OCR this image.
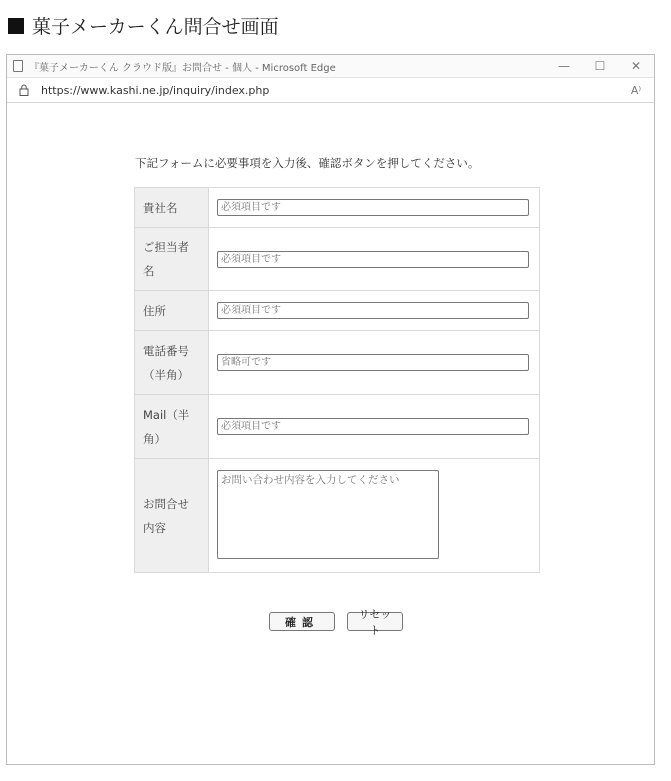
菓子メーカーくん問合せ画面
『菓子メーカーくん クラウド版』お問合せ - 個人 - Microsoft Edge	—	☐	✕
https://www.kashi.ne.jp/inquiry/index.php	A⁾
下記フォームに必要事項を入力後、確認ボタンを押してください。
貴社名	必須項目です
ご担当者名	必須項目です
住所	必須項目です
電話番号（半角）	省略可です
Mail（半角）	必須項目です
お問合せ内容	お問い合わせ内容を入力してください
確認
リセット
